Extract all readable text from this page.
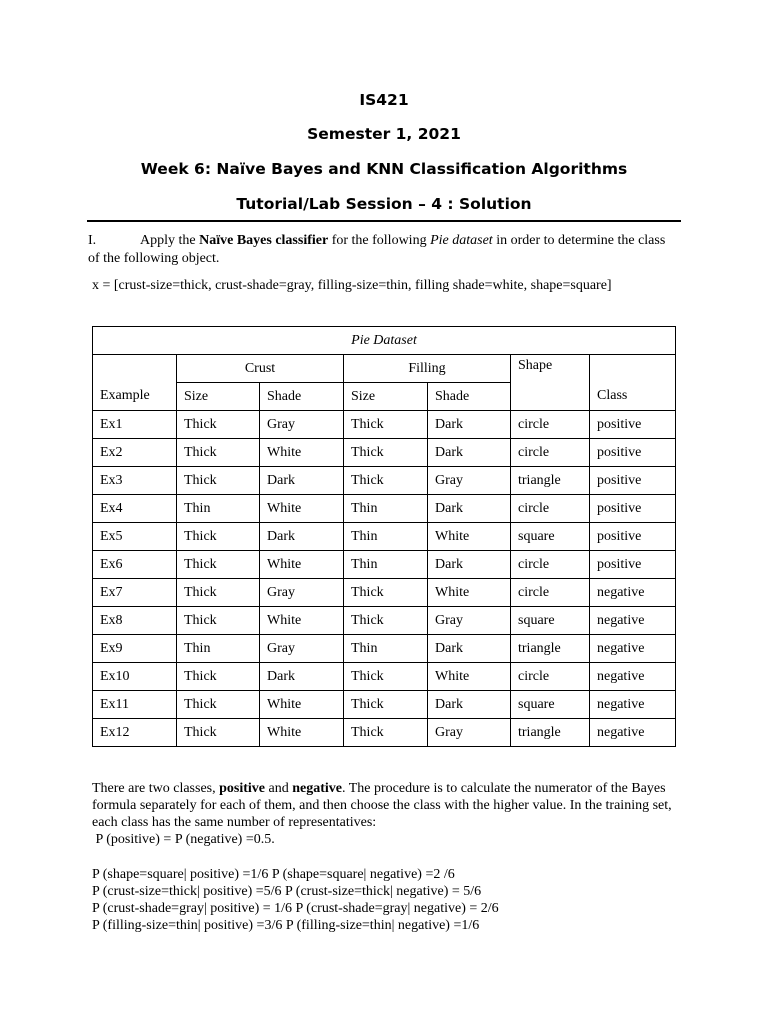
IS421
Semester 1, 2021
Week 6: Naïve Bayes and KNN Classification Algorithms
Tutorial/Lab Session – 4 : Solution
I.	Apply the Naïve Bayes classifier for the following Pie dataset in order to determine the class of the following object.
x = [crust-size=thick, crust-shade=gray, filling-size=thin, filling shade=white, shape=square]
Pie Dataset						
Example	Crust		Filling		Shape	Class
	Size	Shade	Size	Shade		
Ex1	Thick	Gray	Thick	Dark	circle	positive
Ex2	Thick	White	Thick	Dark	circle	positive
Ex3	Thick	Dark	Thick	Gray	triangle	positive
Ex4	Thin	White	Thin	Dark	circle	positive
Ex5	Thick	Dark	Thin	White	square	positive
Ex6	Thick	White	Thin	Dark	circle	positive
Ex7	Thick	Gray	Thick	White	circle	negative
Ex8	Thick	White	Thick	Gray	square	negative
Ex9	Thin	Gray	Thin	Dark	triangle	negative
Ex10	Thick	Dark	Thick	White	circle	negative
Ex11	Thick	White	Thick	Dark	square	negative
Ex12	Thick	White	Thick	Gray	triangle	negative
There are two classes, positive and negative. The procedure is to calculate the numerator of the Bayes formula separately for each of them, and then choose the class with the higher value. In the training set, each class has the same number of representatives:
P (positive) = P (negative) =0.5.
P (shape=square| positive) =1/6 P (shape=square| negative) =2 /6
P (crust-size=thick| positive) =5/6 P (crust-size=thick| negative) = 5/6
P (crust-shade=gray| positive) = 1/6 P (crust-shade=gray| negative) = 2/6
P (filling-size=thin| positive) =3/6 P (filling-size=thin| negative) =1/6
